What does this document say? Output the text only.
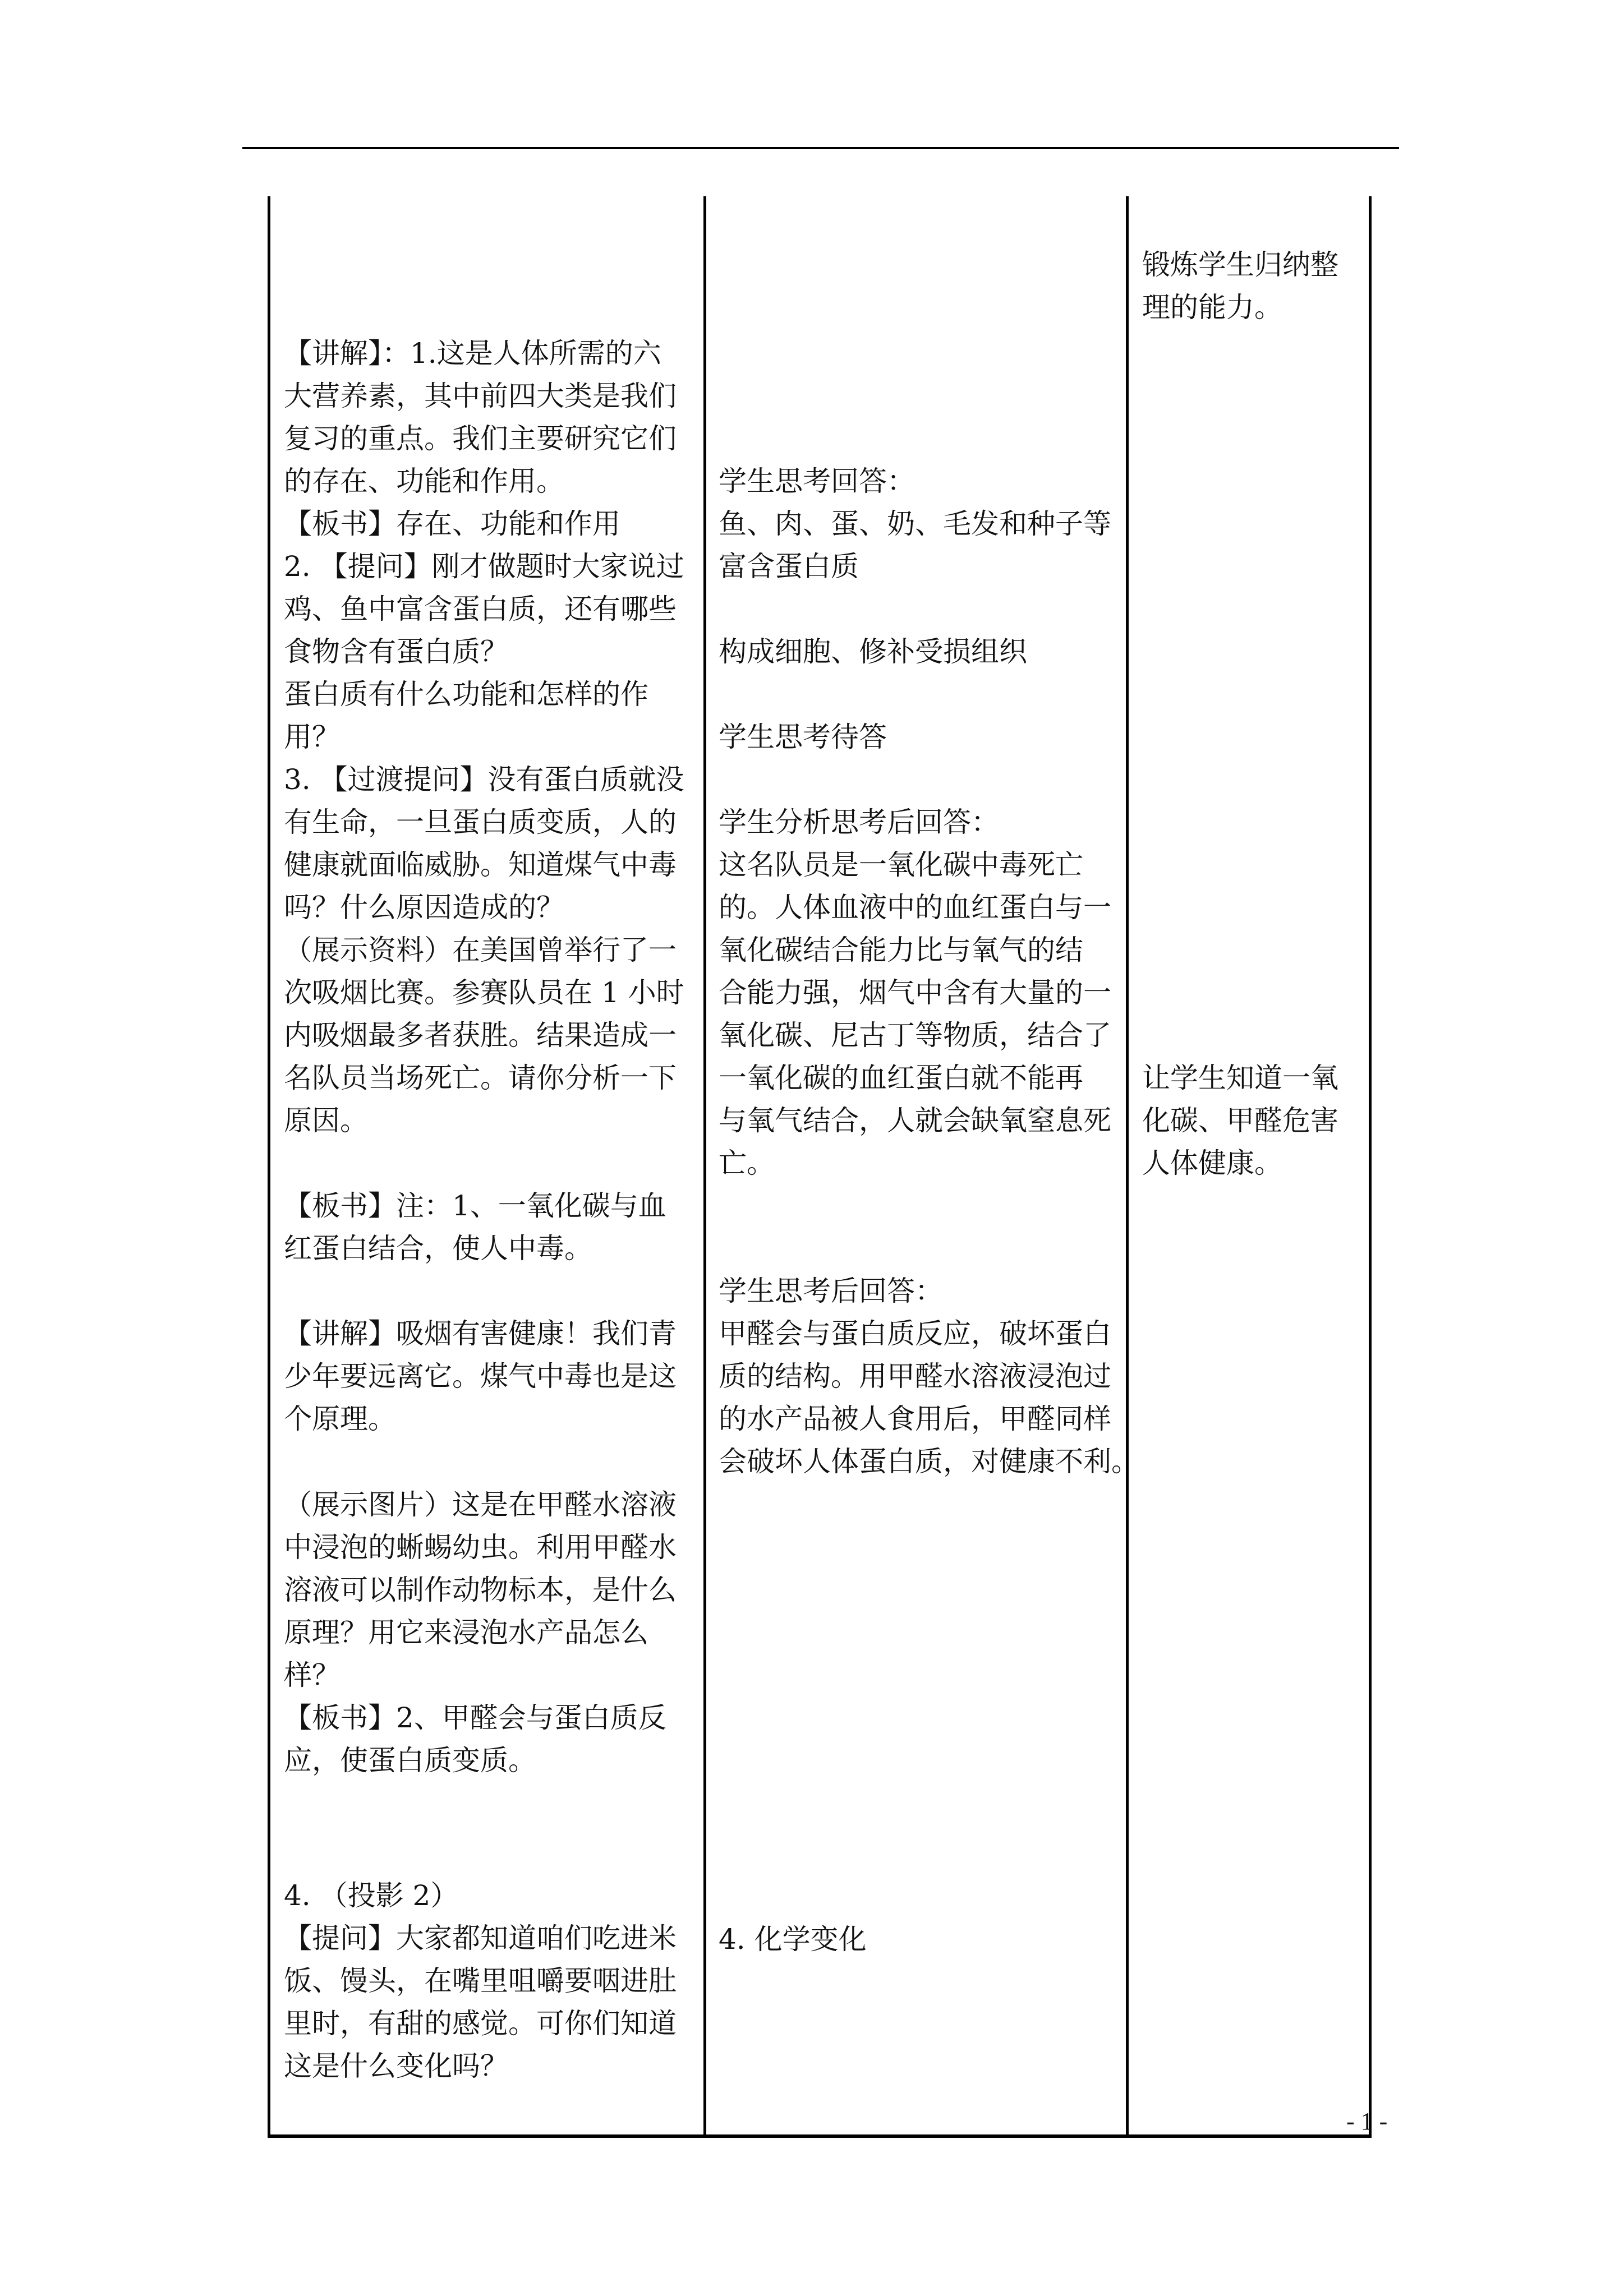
【讲解】：1.这是人体所需的六
大营养素，其中前四大类是我们
复习的重点。我们主要研究它们
的存在、功能和作用。
【板书】存在、功能和作用
2. 【提问】刚才做题时大家说过
鸡、鱼中富含蛋白质，还有哪些
食物含有蛋白质？
蛋白质有什么功能和怎样的作
用？
3. 【过渡提问】没有蛋白质就没
有生命，一旦蛋白质变质，人的
健康就面临威胁。知道煤气中毒
吗？什么原因造成的？
（展示资料）在美国曾举行了一
次吸烟比赛。参赛队员在 1 小时
内吸烟最多者获胜。结果造成一
名队员当场死亡。请你分析一下
原因。
【板书】注：1、一氧化碳与血
红蛋白结合，使人中毒。
【讲解】吸烟有害健康！我们青
少年要远离它。煤气中毒也是这
个原理。
（展示图片）这是在甲醛水溶液
中浸泡的蜥蜴幼虫。利用甲醛水
溶液可以制作动物标本，是什么
原理？用它来浸泡水产品怎么
样？
【板书】2、甲醛会与蛋白质反
应，使蛋白质变质。
4. （投影 2）
【提问】大家都知道咱们吃进米
饭、馒头，在嘴里咀嚼要咽进肚
里时，有甜的感觉。可你们知道
这是什么变化吗？
学生思考回答：
鱼、肉、蛋、奶、毛发和种子等
富含蛋白质
构成细胞、修补受损组织
学生思考待答
学生分析思考后回答：
这名队员是一氧化碳中毒死亡
的。人体血液中的血红蛋白与一
氧化碳结合能力比与氧气的结
合能力强，烟气中含有大量的一
氧化碳、尼古丁等物质，结合了
一氧化碳的血红蛋白就不能再
与氧气结合，人就会缺氧窒息死
亡。
学生思考后回答：
甲醛会与蛋白质反应，破坏蛋白
质的结构。用甲醛水溶液浸泡过
的水产品被人食用后，甲醛同样
会破坏人体蛋白质，对健康不利。
4. 化学变化
锻炼学生归纳整
理的能力。
让学生知道一氧
化碳、甲醛危害
人体健康。
- 1 -
